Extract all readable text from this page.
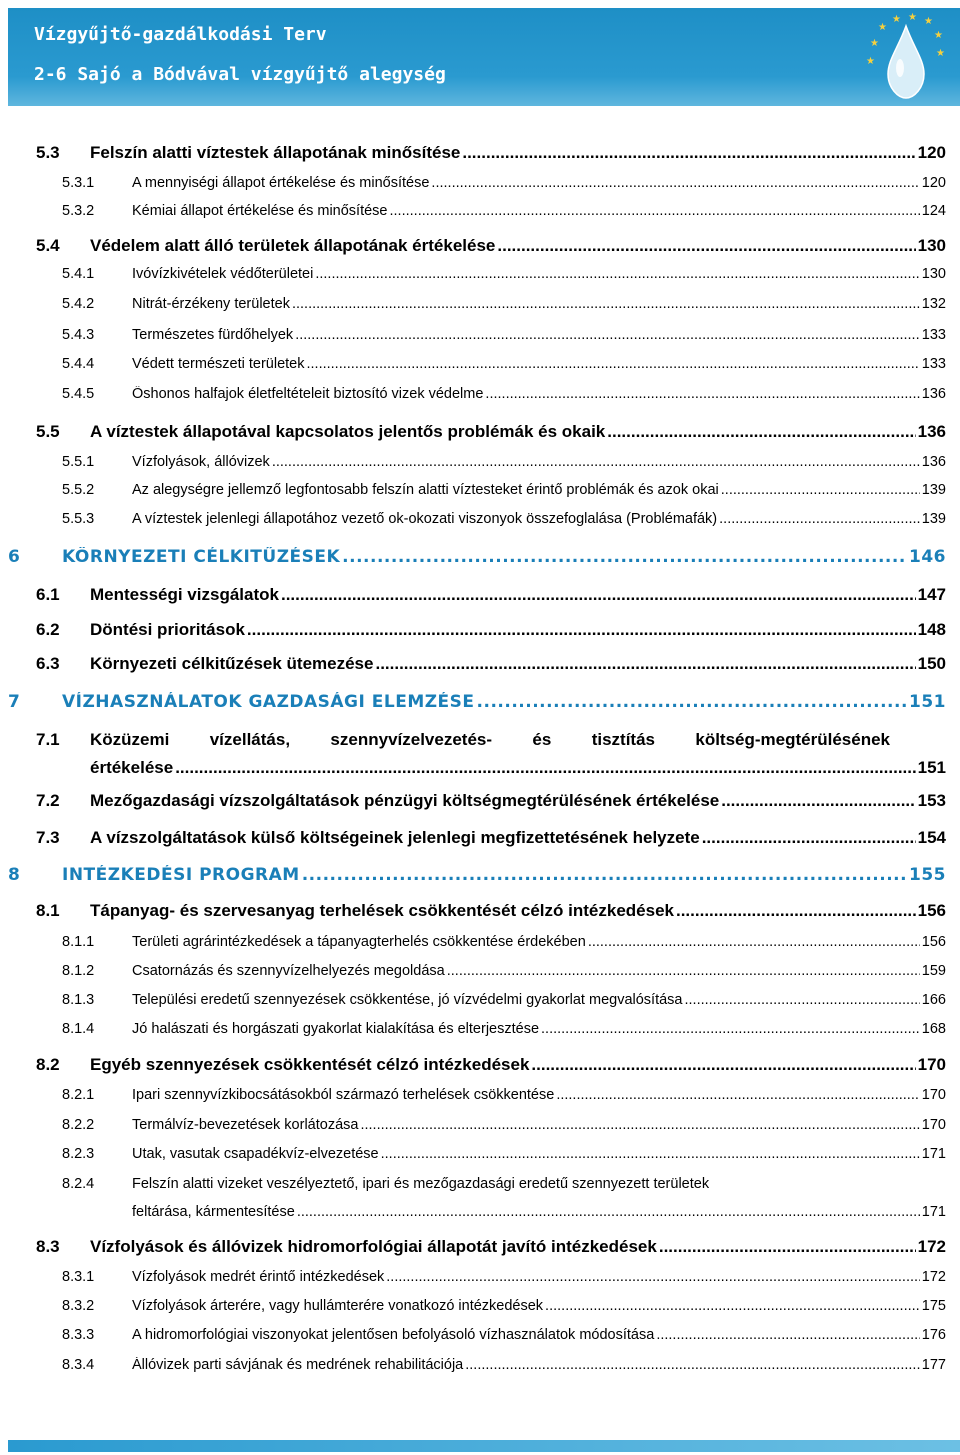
Vízgyűjtő-gazdálkodási Terv
2-6 Sajó a Bódvával vízgyűjtő alegység
★
★ ★ ★
★
★
★
★
5.3 Felszín alatti víztestek állapotának minősítése .....	120
5.3.1	A mennyiségi állapot értékelése és minősítése .....	120
5.3.2	Kémiai állapot értékelése és minősítése .....	124
5.4 Védelem alatt álló területek állapotának értékelése .....	130
5.4.1	Ivóvízkivételek védőterületei .....	130
5.4.2	Nitrát-érzékeny területek .....	132
5.4.3	Természetes fürdőhelyek .....	133
5.4.4	Védett természeti területek .....	133
5.4.5	Őshonos halfajok életfeltételeit biztosító vizek védelme .....	136
5.5 A víztestek állapotával kapcsolatos jelentős problémák és okaik .....	136
5.5.1	Vízfolyások, állóvizek .....	136
5.5.2	Az alegységre jellemző legfontosabb felszín alatti víztesteket érintő problémák és azok okai .....	139
5.5.3	A víztestek jelenlegi állapotához vezető ok-okozati viszonyok összefoglalása (Problémafák) .....	139
6 KÖRNYEZETI CÉLKITŰZÉSEK .....	146
6.1 Mentességi vizsgálatok .....	147
6.2 Döntési prioritások .....	148
6.3 Környezeti célkitűzések ütemezése .....	150
7 VÍZHASZNÁLATOK GAZDASÁGI ELEMZÉSE .....	151
7.1 Közüzemi vízellátás, szennyvízelvezetés- és tisztítás költség-megtérülésének
értékelése .....	151
7.2 Mezőgazdasági vízszolgáltatások pénzügyi költségmegtérülésének értékelése .....	153
7.3 A vízszolgáltatások külső költségeinek jelenlegi megfizettetésének helyzete .....	154
8 INTÉZKEDÉSI PROGRAM .....	155
8.1 Tápanyag- és szervesanyag terhelések csökkentését célzó intézkedések .....	156
8.1.1	Területi agrárintézkedések a tápanyagterhelés csökkentése érdekében .....	156
8.1.2	Csatornázás és szennyvízelhelyezés megoldása .....	159
8.1.3	Települési eredetű szennyezések csökkentése, jó vízvédelmi gyakorlat megvalósítása .....	166
8.1.4	Jó halászati és horgászati gyakorlat kialakítása és elterjesztése .....	168
8.2 Egyéb szennyezések csökkentését célzó intézkedések .....	170
8.2.1	Ipari szennyvízkibocsátásokból származó terhelések csökkentése .....	170
8.2.2	Termálvíz-bevezetések korlátozása .....	170
8.2.3	Utak, vasutak csapadékvíz-elvezetése .....	171
8.2.4	Felszín alatti vizeket veszélyeztető, ipari és mezőgazdasági eredetű szennyezett területek
feltárása, kármentesítése .....	171
8.3 Vízfolyások és állóvizek hidromorfológiai állapotát javító intézkedések .....	172
8.3.1	Vízfolyások medrét érintő intézkedések .....	172
8.3.2	Vízfolyások árterére, vagy hullámterére vonatkozó intézkedések .....	175
8.3.3	A hidromorfológiai viszonyokat jelentősen befolyásoló vízhasználatok módosítása .....	176
8.3.4	Állóvizek parti sávjának és medrének rehabilitációja .....	177
